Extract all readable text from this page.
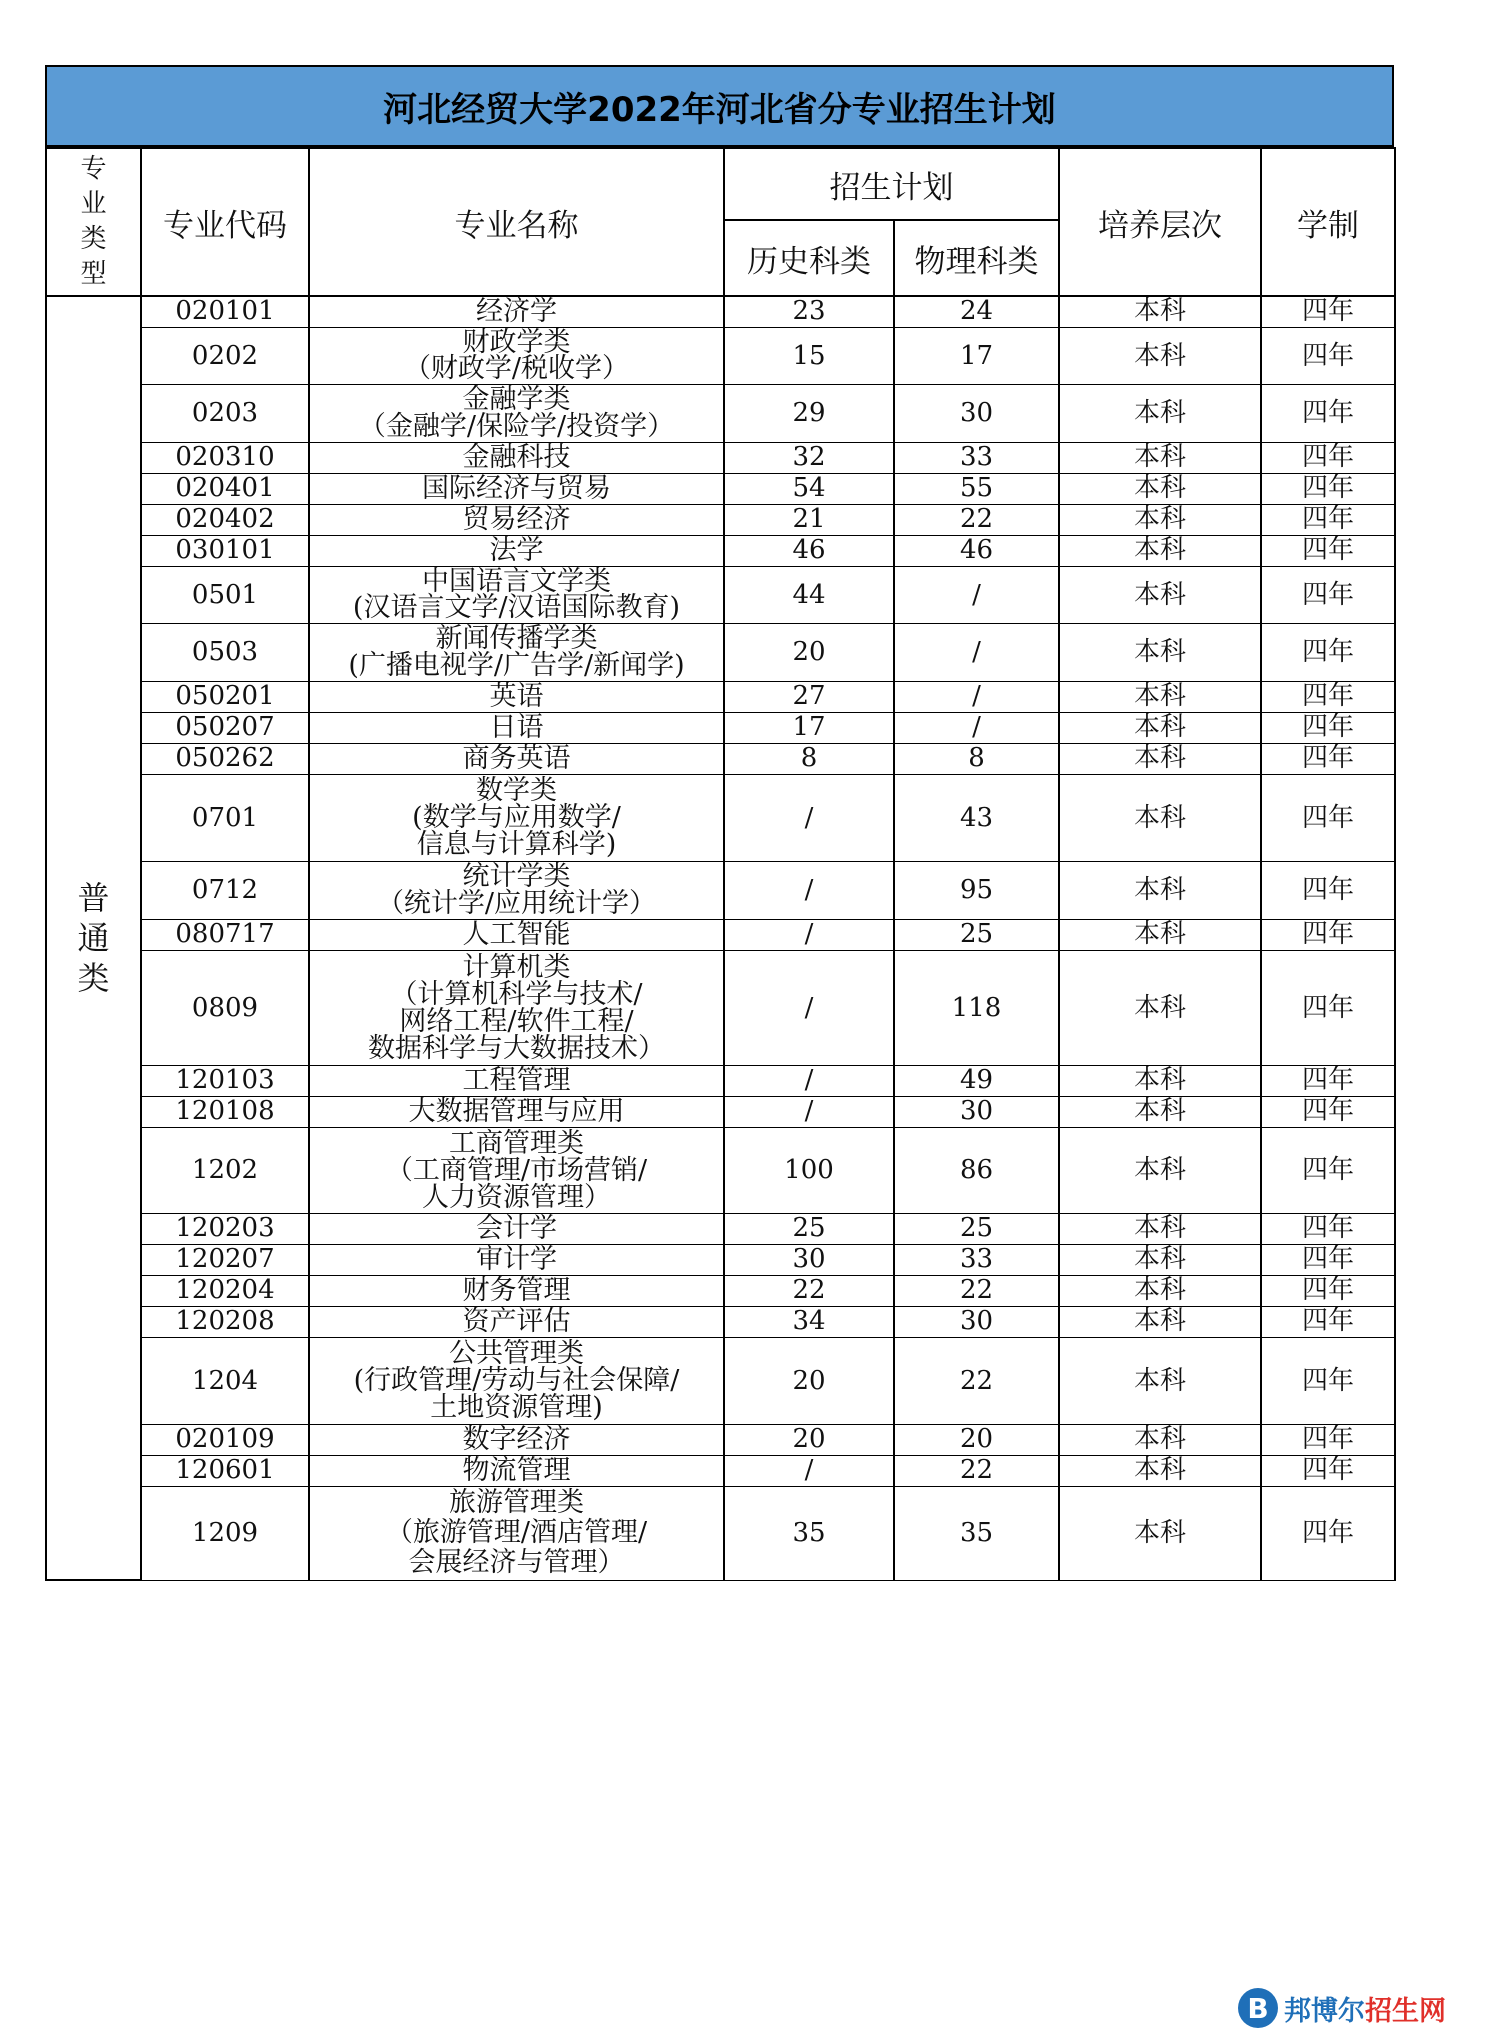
河北经贸大学2022年河北省分专业招生计划
专
业
类
型	专业代码	专业名称	招生计划		培养层次	学制
			历史科类	物理科类		
普
通
类	020101	经济学	23	24	本科	四年
	0202	财政学类
（财政学/税收学）	15	17	本科	四年
	0203	金融学类
（金融学/保险学/投资学）	29	30	本科	四年
	020310	金融科技	32	33	本科	四年
	020401	国际经济与贸易	54	55	本科	四年
	020402	贸易经济	21	22	本科	四年
	030101	法学	46	46	本科	四年
	0501	中国语言文学类
(汉语言文学/汉语国际教育)	44	/	本科	四年
	0503	新闻传播学类
(广播电视学/广告学/新闻学)	20	/	本科	四年
	050201	英语	27	/	本科	四年
	050207	日语	17	/	本科	四年
	050262	商务英语	8	8	本科	四年
	0701	数学类
(数学与应用数学/
信息与计算科学)	/	43	本科	四年
	0712	统计学类
（统计学/应用统计学）	/	95	本科	四年
	080717	人工智能	/	25	本科	四年
	0809	计算机类
（计算机科学与技术/
网络工程/软件工程/
数据科学与大数据技术）	/	118	本科	四年
	120103	工程管理	/	49	本科	四年
	120108	大数据管理与应用	/	30	本科	四年
	1202	工商管理类
（工商管理/市场营销/
人力资源管理）	100	86	本科	四年
	120203	会计学	25	25	本科	四年
	120207	审计学	30	33	本科	四年
	120204	财务管理	22	22	本科	四年
	120208	资产评估	34	30	本科	四年
	1204	公共管理类
(行政管理/劳动与社会保障/
土地资源管理)	20	22	本科	四年
	020109	数字经济	20	20	本科	四年
	120601	物流管理	/	22	本科	四年
	1209	旅游管理类
（旅游管理/酒店管理/
会展经济与管理）	35	35	本科	四年
B 邦博尔 招生网
